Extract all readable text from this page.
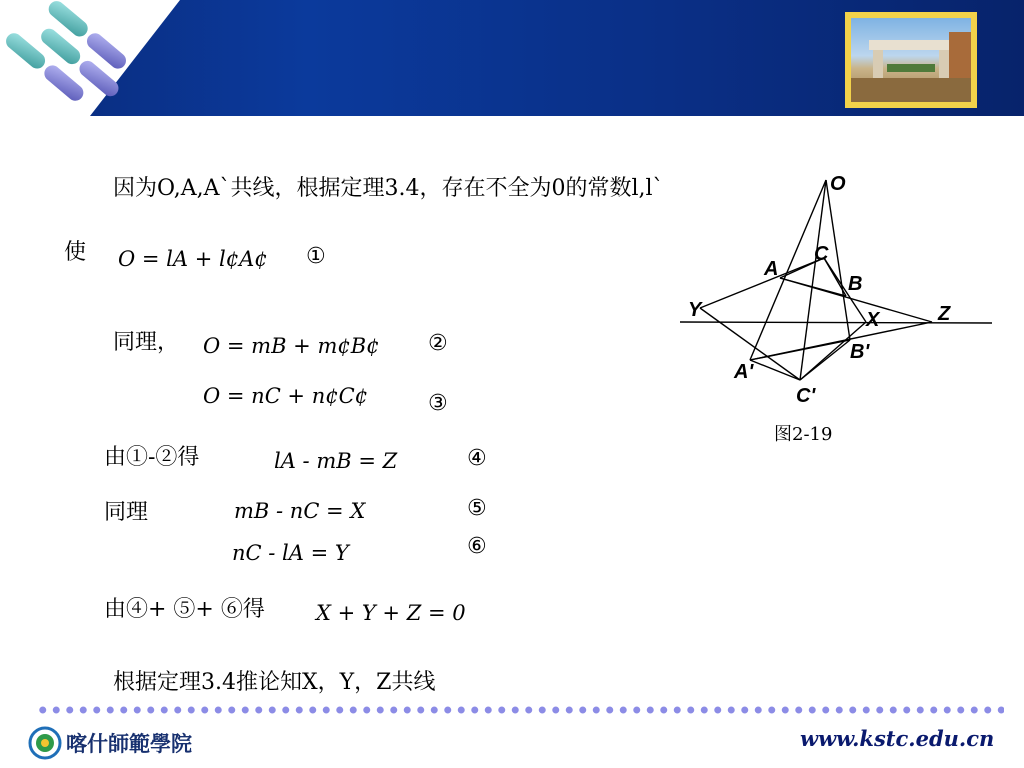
因为O,A,A`共线，根据定理3.4，存在不全为0的常数l,l`
使 O = lA + l¢A¢ ①
同理， O = mB + m¢B¢ ②
O = nC + n¢C¢	③
由①-②得	lA - mB = Z	④
同理	mB - nC = X	⑤
nC - lA = Y	⑥
由④+ ⑤+ ⑥得 X + Y + Z = 0
根据定理3.4推论知X，Y，Z共线
O
A
C
B
Y	X	Z
A'
B'
C'
图2-19
喀什師範學院	www.kstc.edu.cn
